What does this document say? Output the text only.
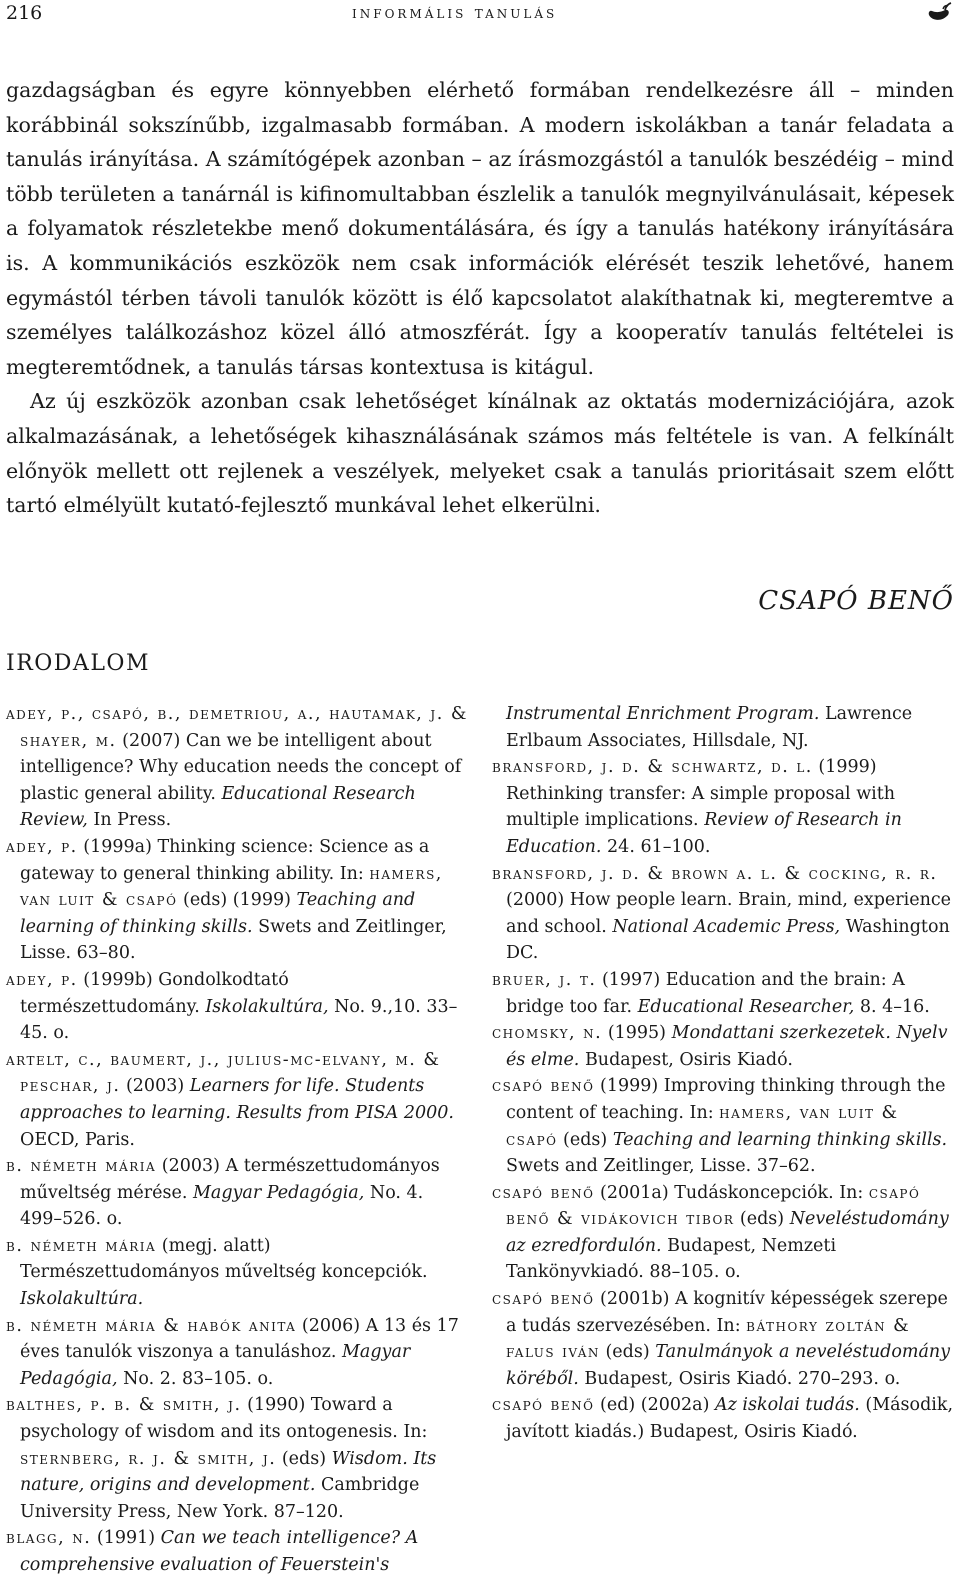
216	informális tanulás

gazdagságban és egyre könnyebben elérhető formában rendelkezésre áll – minden korábbinál sokszínűbb, izgalmasabb formában. A modern iskolákban a tanár feladata a tanulás irányítása. A számítógépek azonban – az írásmozgástól a tanulók beszédéig – mind több területen a tanárnál is kifinomultabban észlelik a tanulók megnyilvánulásait, képesek a folyamatok részletekbe menő dokumentálására, és így a tanulás hatékony irányítására is. A kommunikációs eszközök nem csak információk elérését teszik lehetővé, hanem egymástól térben távoli tanulók között is élő kapcsolatot alakíthatnak ki, megteremtve a személyes találkozáshoz közel álló atmoszférát. Így a kooperatív tanulás feltételei is megteremtődnek, a tanulás társas kontextusa is kitágul.

Az új eszközök azonban csak lehetőséget kínálnak az oktatás modernizációjára, azok alkalmazásának, a lehetőségek kihasználásának számos más feltétele is van. A felkínált előnyök mellett ott rejlenek a veszélyek, melyeket csak a tanulás prioritásait szem előtt tartó elmélyült kutató-fejlesztő munkával lehet elkerülni.

CSAPÓ BENŐ
IRODALOM

adey, p., csapó, b., demetriou, a., hautamak, j. & shayer, m. (2007) Can we be intelligent about intelligence? Why education needs the concept of plastic general ability. Educational Research Review, In Press.

adey, p. (1999a) Thinking science: Science as a gateway to general thinking ability. In: hamers, van luit & csapó (eds) (1999) Teaching and learning of thinking skills. Swets and Zeitlinger, Lisse. 63–80.

adey, p. (1999b) Gondolkodtató természettudomány. Iskolakultúra, No. 9.,10. 33–45. o.

artelt, c., baumert, j., julius-mc-elvany, m. & peschar, j. (2003) Learners for life. Students approaches to learning. Results from PISA 2000. OECD, Paris.

b. németh mária (2003) A természettudományos műveltség mérése. Magyar Pedagógia, No. 4. 499–526. o.

b. németh mária (megj. alatt) Természettudományos műveltség koncepciók. Iskolakultúra.

b. németh mária & habók anita (2006) A 13 és 17 éves tanulók viszonya a tanuláshoz. Magyar Pedagógia, No. 2. 83–105. o.

balthes, p. b. & smith, j. (1990) Toward a psychology of wisdom and its ontogenesis. In: sternberg, r. j. & smith, j. (eds) Wisdom. Its nature, origins and development. Cambridge University Press, New York. 87–120.

blagg, n. (1991) Can we teach intelligence? A comprehensive evaluation of Feuerstein's

Instrumental Enrichment Program. Lawrence Erlbaum Associates, Hillsdale, NJ.

bransford, j. d. & schwartz, d. l. (1999) Rethinking transfer: A simple proposal with multiple implications. Review of Research in Education. 24. 61–100.

bransford, j. d. & brown a. l. & cocking, r. r. (2000) How people learn. Brain, mind, experience and school. National Academic Press, Washington DC.

bruer, j. t. (1997) Education and the brain: A bridge too far. Educational Researcher, 8. 4–16.

chomsky, n. (1995) Mondattani szerkezetek. Nyelv és elme. Budapest, Osiris Kiadó.

csapó benő (1999) Improving thinking through the content of teaching. In: hamers, van luit & csapó (eds) Teaching and learning thinking skills. Swets and Zeitlinger, Lisse. 37–62.

csapó benő (2001a) Tudáskoncepciók. In: csapó benő & vidákovich tibor (eds) Neveléstudomány az ezredfordulón. Budapest, Nemzeti Tankönyvkiadó. 88–105. o.

csapó benő (2001b) A kognitív képességek szerepe a tudás szervezésében. In: báthory zoltán & falus iván (eds) Tanulmányok a neveléstudomány köréből. Budapest, Osiris Kiadó. 270–293. o.

csapó benő (ed) (2002a) Az iskolai tudás. (Második, javított kiadás.) Budapest, Osiris Kiadó.
